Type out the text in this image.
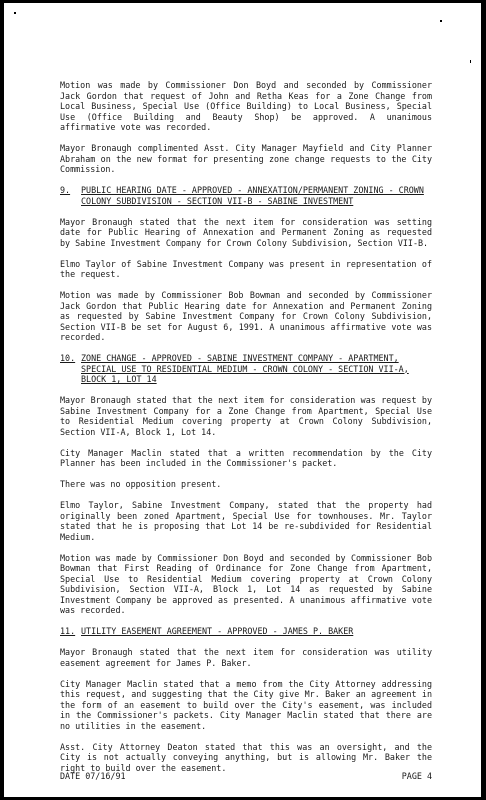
Motion was made by Commissioner Don Boyd and seconded by Commissioner Jack Gordon that request of John and Retha Keas for a Zone Change from Local Business, Special Use (Office Building) to Local Business, Special Use (Office Building and Beauty Shop) be approved. A unanimous affirmative vote was recorded.

Mayor Bronaugh complimented Asst. City Manager Mayfield and City Planner Abraham on the new format for presenting zone change requests to the City Commission.

9.	PUBLIC HEARING DATE - APPROVED - ANNEXATION/PERMANENT ZONING - CROWN COLONY SUBDIVISION - SECTION VII-B - SABINE INVESTMENT

Mayor Bronaugh stated that the next item for consideration was setting date for Public Hearing of Annexation and Permanent Zoning as requested by Sabine Investment Company for Crown Colony Subdivision, Section VII-B.

Elmo Taylor of Sabine Investment Company was present in representation of the request.

Motion was made by Commissioner Bob Bowman and seconded by Commissioner Jack Gordon that Public Hearing date for Annexation and Permanent Zoning as requested by Sabine Investment Company for Crown Colony Subdivision, Section VII-B be set for August 6, 1991. A unanimous affirmative vote was recorded.

10. ZONE CHANGE - APPROVED - SABINE INVESTMENT COMPANY - APARTMENT, SPECIAL USE TO RESIDENTIAL MEDIUM - CROWN COLONY - SECTION VII-A, BLOCK 1, LOT 14

Mayor Bronaugh stated that the next item for consideration was request by Sabine Investment Company for a Zone Change from Apartment, Special Use to Residential Medium covering property at Crown Colony Subdivision, Section VII-A, Block 1, Lot 14.

City Manager Maclin stated that a written recommendation by the City Planner has been included in the Commissioner's packet.

There was no opposition present.

Elmo Taylor, Sabine Investment Company, stated that the property had originally been zoned Apartment, Special Use for townhouses. Mr. Taylor stated that he is proposing that Lot 14 be re-subdivided for Residential Medium.

Motion was made by Commissioner Don Boyd and seconded by Commissioner Bob Bowman that First Reading of Ordinance for Zone Change from Apartment, Special Use to Residential Medium covering property at Crown Colony Subdivision, Section VII-A, Block 1, Lot 14 as requested by Sabine Investment Company be approved as presented. A unanimous affirmative vote was recorded.

11. UTILITY EASEMENT AGREEMENT - APPROVED - JAMES P. BAKER

Mayor Bronaugh stated that the next item for consideration was utility easement agreement for James P. Baker.

City Manager Maclin stated that a memo from the City Attorney addressing this request, and suggesting that the City give Mr. Baker an agreement in the form of an easement to build over the City's easement, was included in the Commissioner's packets. City Manager Maclin stated that there are no utilities in the easement.

Asst. City Attorney Deaton stated that this was an oversight, and the City is not actually conveying anything, but is allowing Mr. Baker the right to build over the easement.

DATE 07/16/91	PAGE 4
